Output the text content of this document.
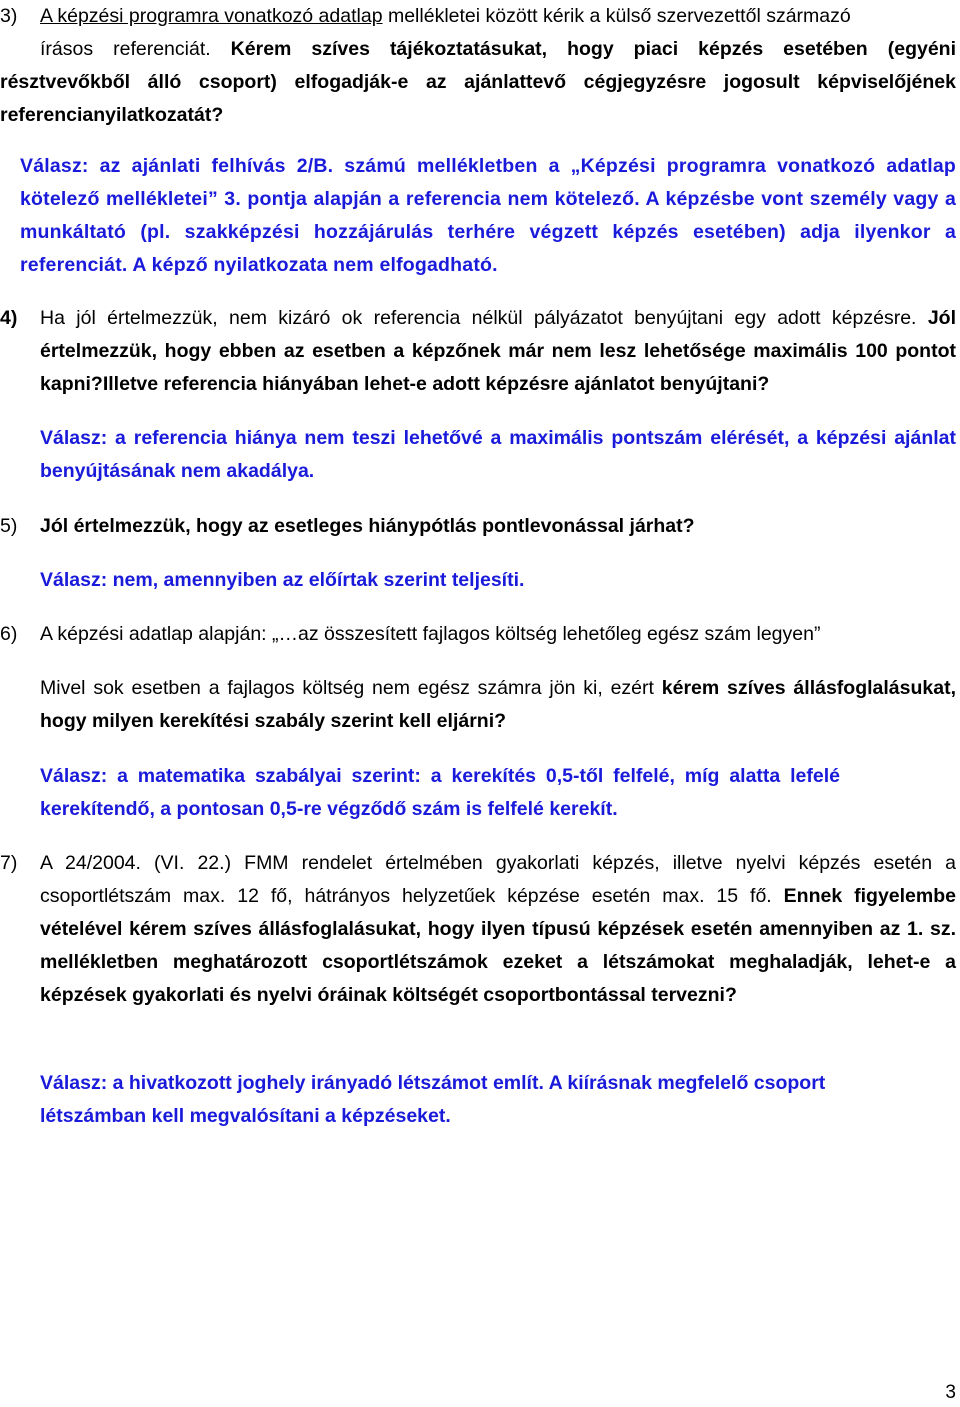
3) A képzési programra vonatkozó adatlap mellékletei között kérik a külső szervezettől származó
írásos referenciát. Kérem szíves tájékoztatásukat, hogy piaci képzés esetében (egyéni résztvevőkből álló csoport) elfogadják-e az ajánlattevő cégjegyzésre jogosult képviselőjének referencianyilatkozatát?
Válasz: az ajánlati felhívás 2/B. számú mellékletben a „Képzési programra vonatkozó adatlap kötelező mellékletei” 3. pontja alapján a referencia nem kötelező. A képzésbe vont személy vagy a munkáltató (pl. szakképzési hozzájárulás terhére végzett képzés esetében) adja ilyenkor a referenciát. A képző nyilatkozata nem elfogadható.
4) Ha jól értelmezzük, nem kizáró ok referencia nélkül pályázatot benyújtani egy adott képzésre. Jól értelmezzük, hogy ebben az esetben a képzőnek már nem lesz lehetősége maximális 100 pontot kapni?Illetve referencia hiányában lehet-e adott képzésre ajánlatot benyújtani?
Válasz: a referencia hiánya nem teszi lehetővé a maximális pontszám elérését, a képzési ajánlat benyújtásának nem akadálya.
5) Jól értelmezzük, hogy az esetleges hiánypótlás pontlevonással járhat?
Válasz: nem, amennyiben az előírtak szerint teljesíti.
6) A képzési adatlap alapján: „…az összesített fajlagos költség lehetőleg egész szám legyen”
Mivel sok esetben a fajlagos költség nem egész számra jön ki, ezért kérem szíves állásfoglalásukat, hogy milyen kerekítési szabály szerint kell eljárni?
Válasz: a matematika szabályai szerint: a kerekítés 0,5-től felfelé, míg alatta lefelé kerekítendő, a pontosan 0,5-re végződő szám is felfelé kerekít.
7) A 24/2004. (VI. 22.) FMM rendelet értelmében gyakorlati képzés, illetve nyelvi képzés esetén a csoportlétszám max. 12 fő, hátrányos helyzetűek képzése esetén max. 15 fő. Ennek figyelembe vételével kérem szíves állásfoglalásukat, hogy ilyen típusú képzések esetén amennyiben az 1. sz. mellékletben meghatározott csoportlétszámok ezeket a létszámokat meghaladják, lehet-e a képzések gyakorlati és nyelvi óráinak költségét csoportbontással tervezni?
Válasz: a hivatkozott joghely irányadó létszámot említ. A kiírásnak megfelelő csoport létszámban kell megvalósítani a képzéseket.
3
